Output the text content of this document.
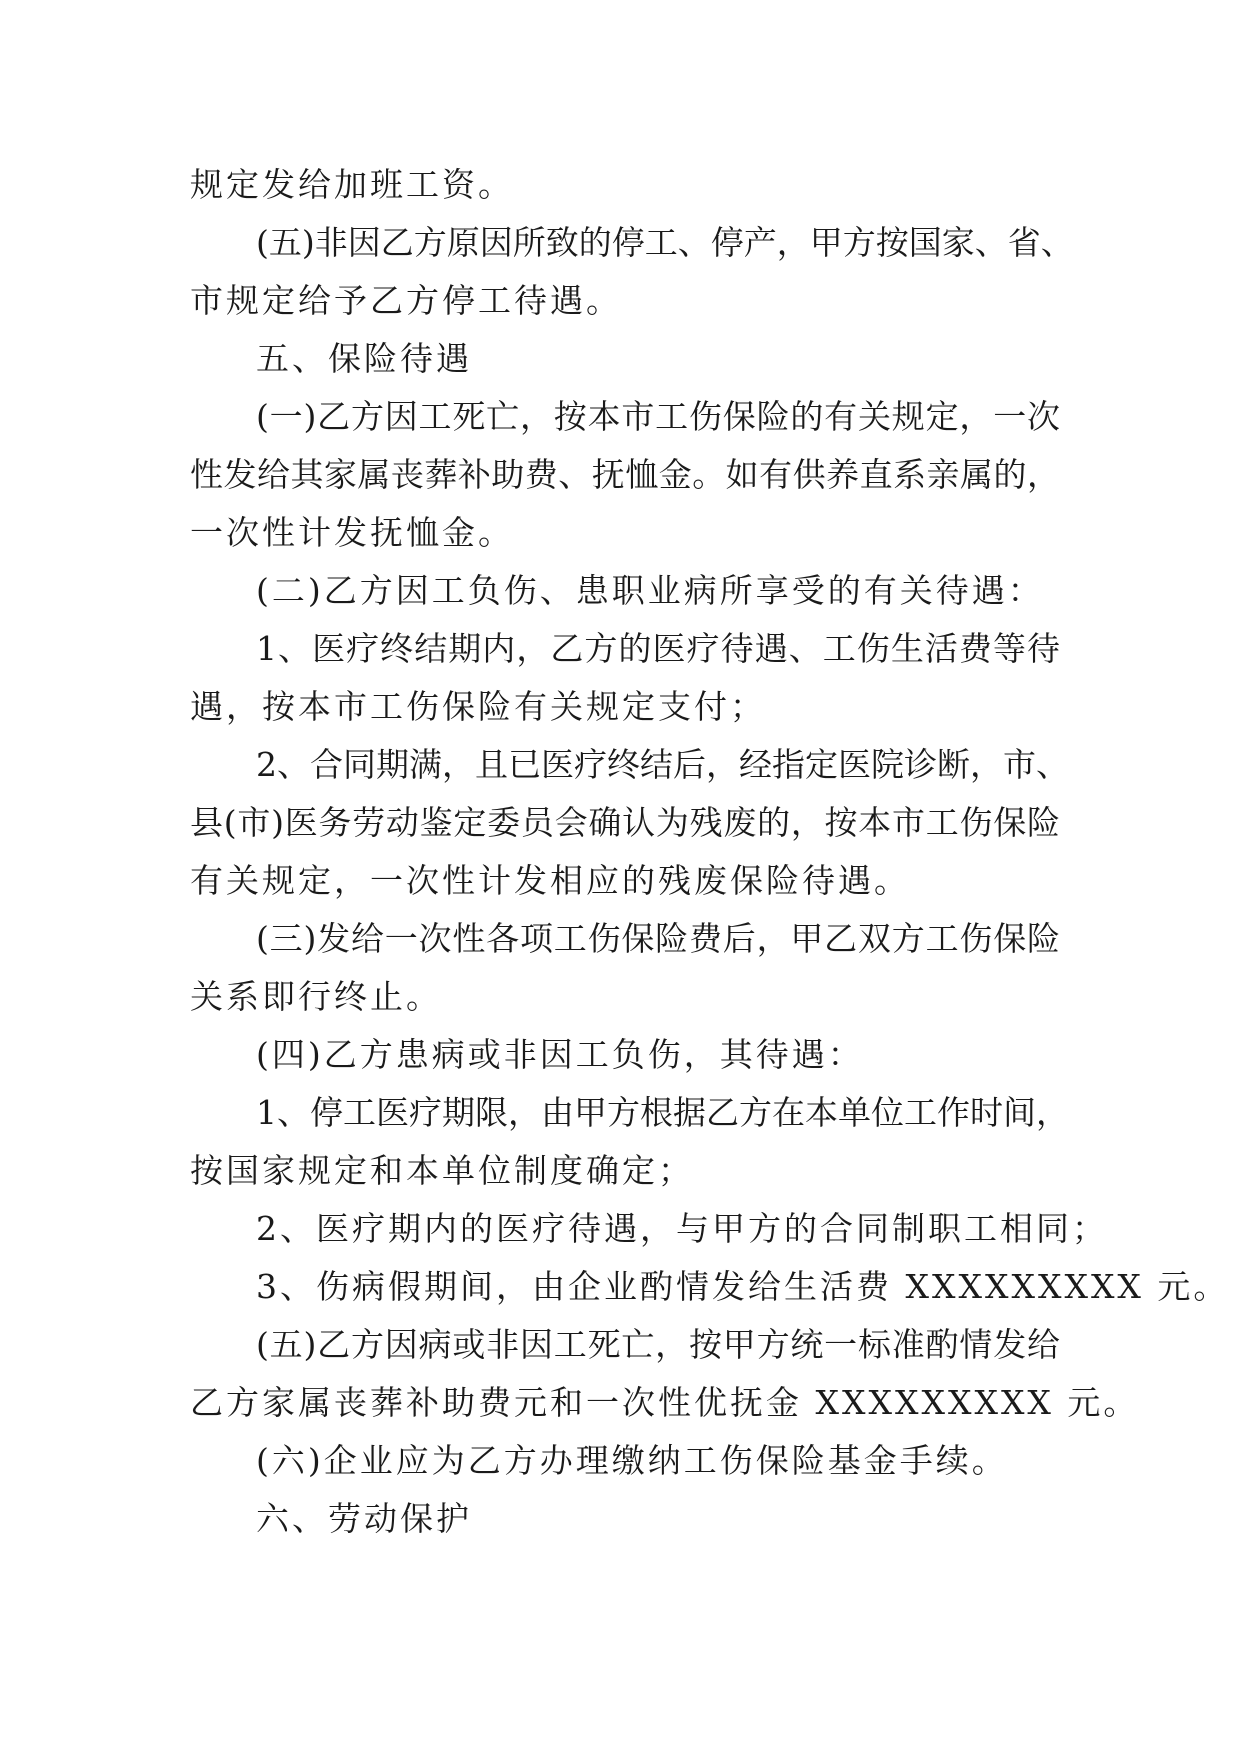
规定发给加班工资。
(五)非因乙方原因所致的停工、停产，甲方按国家、省、
市规定给予乙方停工待遇。
五、保险待遇
(一)乙方因工死亡，按本市工伤保险的有关规定，一次
性发给其家属丧葬补助费、抚恤金。如有供养直系亲属的，
一次性计发抚恤金。
(二)乙方因工负伤、患职业病所享受的有关待遇：
1、医疗终结期内，乙方的医疗待遇、工伤生活费等待
遇，按本市工伤保险有关规定支付；
2、合同期满，且已医疗终结后，经指定医院诊断，市、
县(市)医务劳动鉴定委员会确认为残废的，按本市工伤保险
有关规定，一次性计发相应的残废保险待遇。
(三)发给一次性各项工伤保险费后，甲乙双方工伤保险
关系即行终止。
(四)乙方患病或非因工负伤，其待遇：
1、停工医疗期限，由甲方根据乙方在本单位工作时间，
按国家规定和本单位制度确定；
2、医疗期内的医疗待遇，与甲方的合同制职工相同；
3、伤病假期间，由企业酌情发给生活费 XXXXXXXXX 元。
(五)乙方因病或非因工死亡，按甲方统一标准酌情发给
乙方家属丧葬补助费元和一次性优抚金 XXXXXXXXX 元。
(六)企业应为乙方办理缴纳工伤保险基金手续。
六、劳动保护
